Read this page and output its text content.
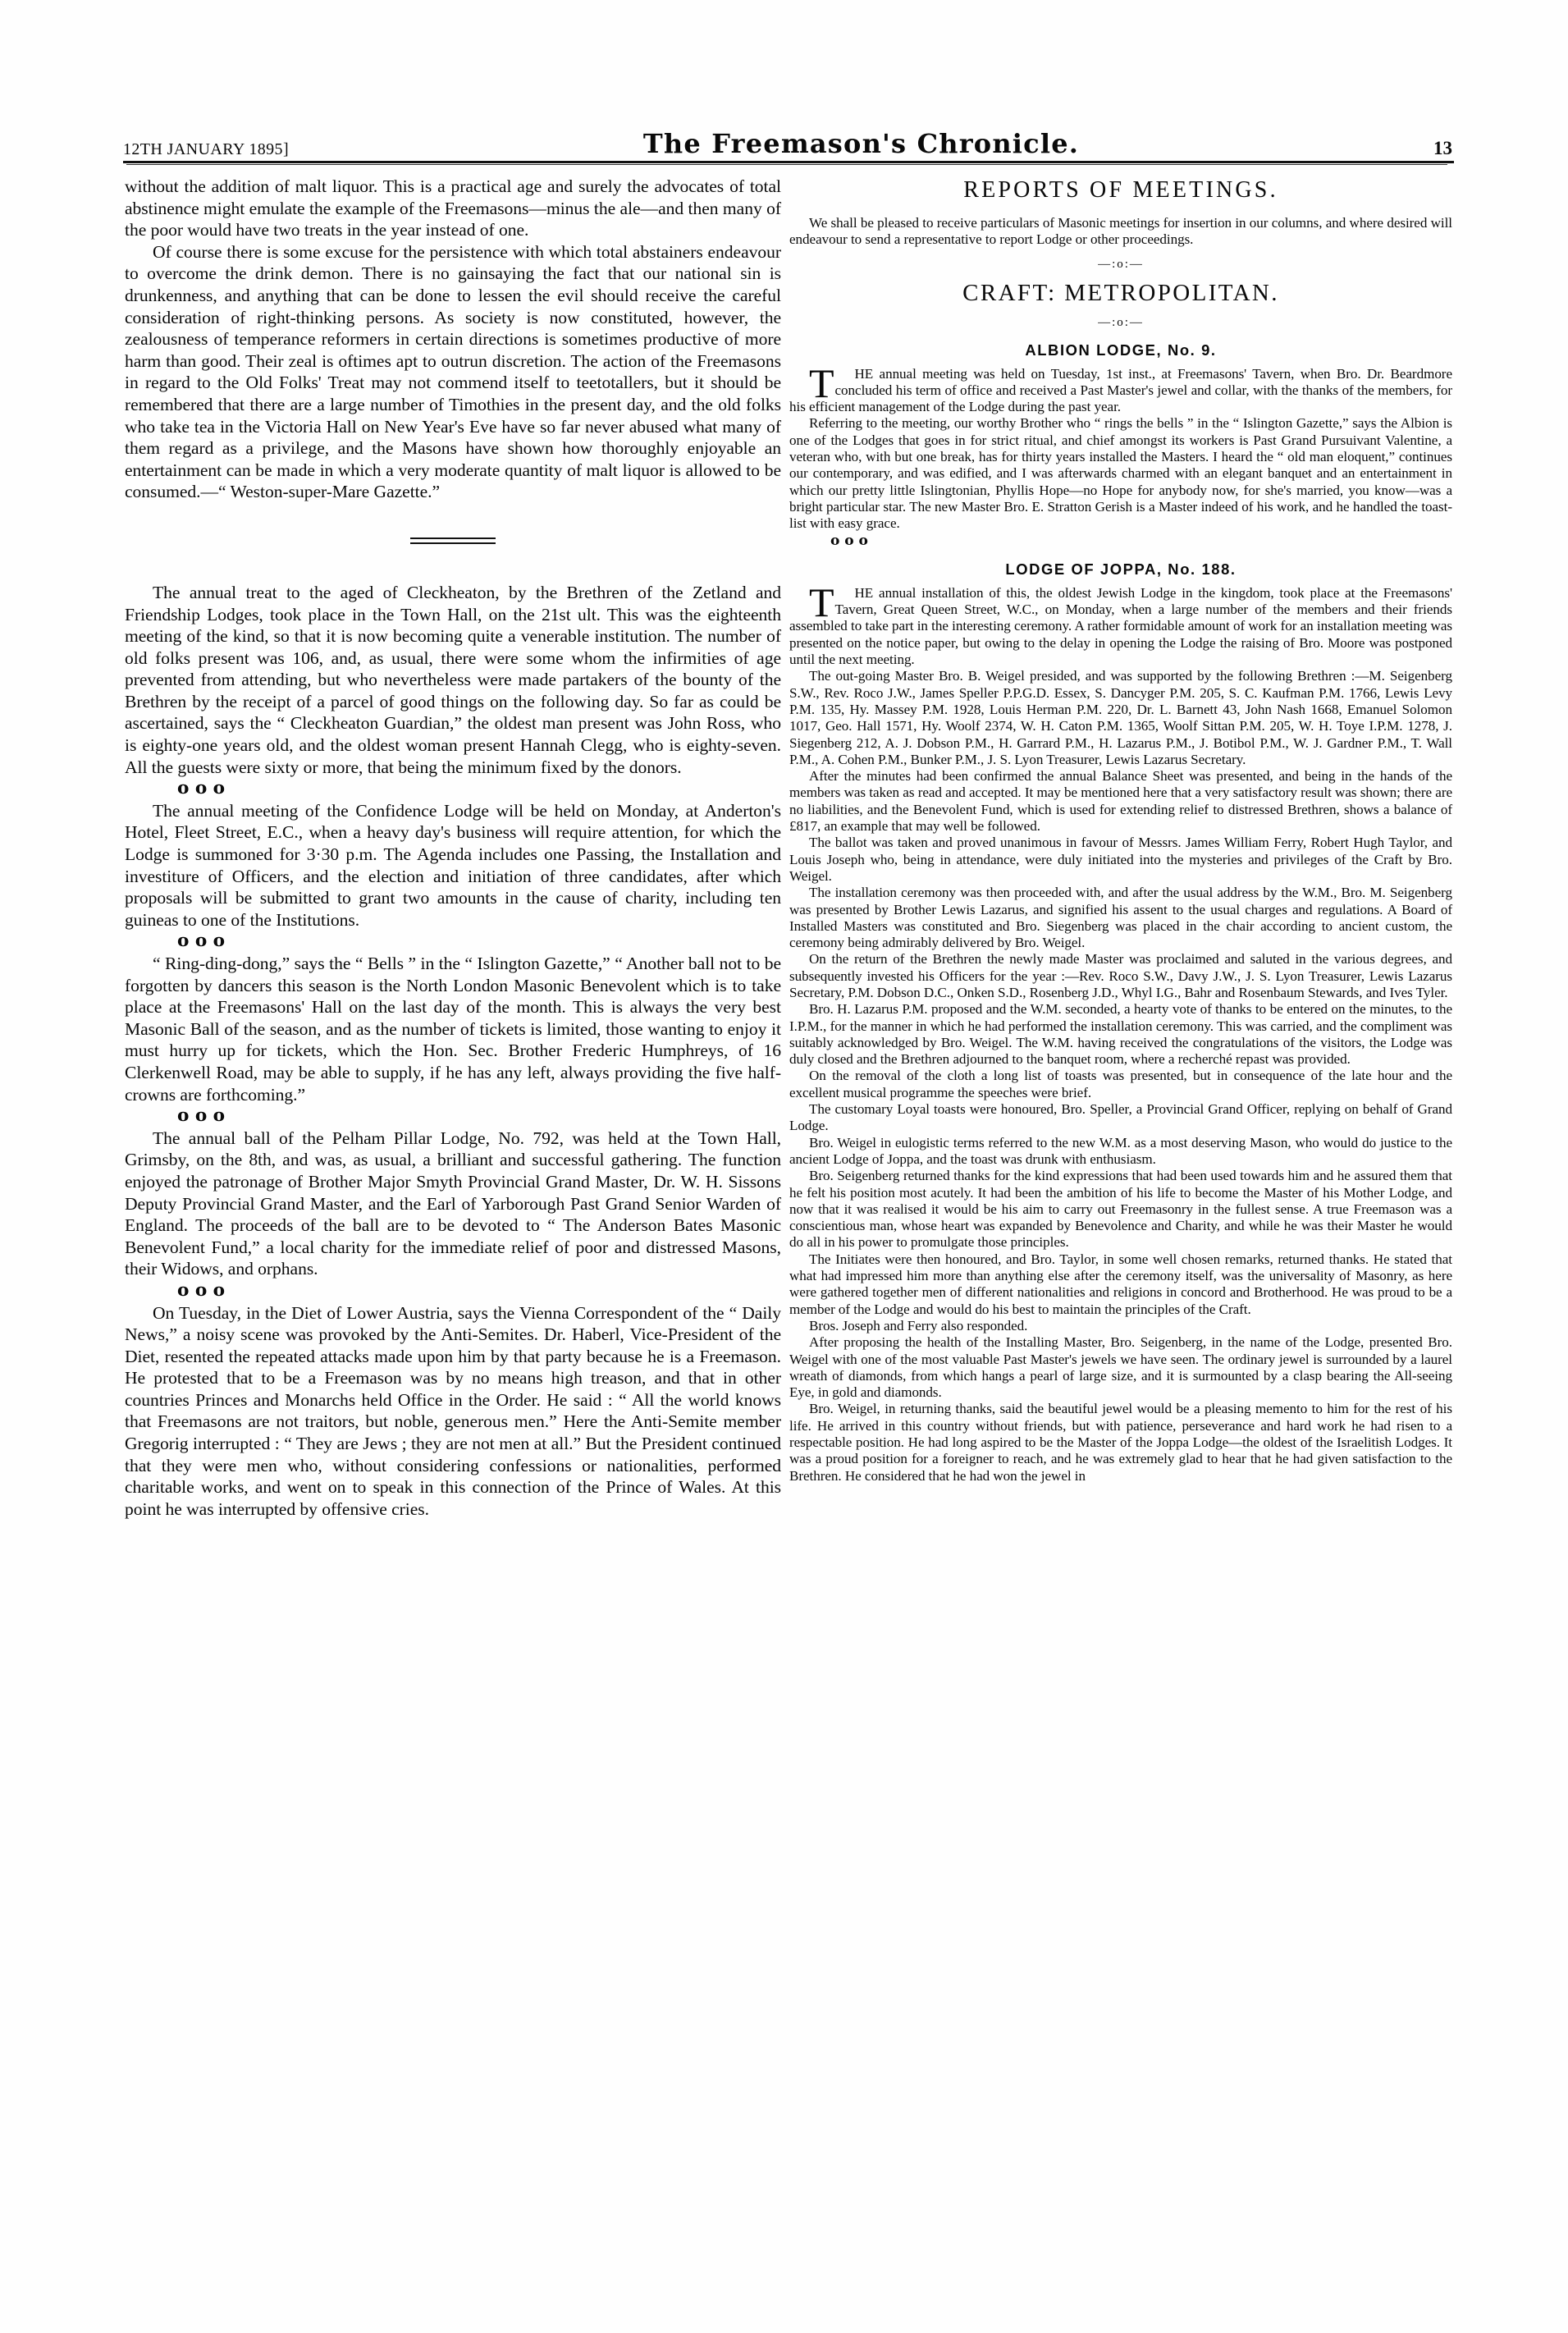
12TH JANUARY 1895]	The Freemason's Chronicle.	13

without the addition of malt liquor. This is a practical age and surely the advocates of total abstinence might emulate the example of the Freemasons—minus the ale—and then many of the poor would have two treats in the year instead of one.

Of course there is some excuse for the persistence with which total abstainers endeavour to overcome the drink demon. There is no gainsaying the fact that our national sin is drunkenness, and anything that can be done to lessen the evil should receive the careful consideration of right-thinking persons. As society is now constituted, however, the zealousness of temperance reformers in certain directions is sometimes productive of more harm than good. Their zeal is oftimes apt to outrun discretion. The action of the Freemasons in regard to the Old Folks' Treat may not commend itself to teetotallers, but it should be remembered that there are a large number of Timothies in the present day, and the old folks who take tea in the Victoria Hall on New Year's Eve have so far never abused what many of them regard as a privilege, and the Masons have shown how thoroughly enjoyable an entertainment can be made in which a very moderate quantity of malt liquor is allowed to be consumed.—“ Weston-super-Mare Gazette.”

The annual treat to the aged of Cleckheaton, by the Brethren of the Zetland and Friendship Lodges, took place in the Town Hall, on the 21st ult. This was the eighteenth meeting of the kind, so that it is now becoming quite a venerable institution. The number of old folks present was 106, and, as usual, there were some whom the infirmities of age prevented from attending, but who nevertheless were made partakers of the bounty of the Brethren by the receipt of a parcel of good things on the following day. So far as could be ascertained, says the “ Cleckheaton Guardian,” the oldest man present was John Ross, who is eighty-one years old, and the oldest woman present Hannah Clegg, who is eighty-seven. All the guests were sixty or more, that being the minimum fixed by the donors.

o o o

The annual meeting of the Confidence Lodge will be held on Monday, at Anderton's Hotel, Fleet Street, E.C., when a heavy day's business will require attention, for which the Lodge is summoned for 3·30 p.m. The Agenda includes one Passing, the Installation and investiture of Officers, and the election and initiation of three candidates, after which proposals will be submitted to grant two amounts in the cause of charity, including ten guineas to one of the Institutions.

o o o

“ Ring-ding-dong,” says the “ Bells ” in the “ Islington Gazette,” “ Another ball not to be forgotten by dancers this season is the North London Masonic Benevolent which is to take place at the Freemasons' Hall on the last day of the month. This is always the very best Masonic Ball of the season, and as the number of tickets is limited, those wanting to enjoy it must hurry up for tickets, which the Hon. Sec. Brother Frederic Humphreys, of 16 Clerkenwell Road, may be able to supply, if he has any left, always providing the five half-crowns are forthcoming.”

o o o

The annual ball of the Pelham Pillar Lodge, No. 792, was held at the Town Hall, Grimsby, on the 8th, and was, as usual, a brilliant and successful gathering. The function enjoyed the patronage of Brother Major Smyth Provincial Grand Master, Dr. W. H. Sissons Deputy Provincial Grand Master, and the Earl of Yarborough Past Grand Senior Warden of England. The proceeds of the ball are to be devoted to “ The Anderson Bates Masonic Benevolent Fund,” a local charity for the immediate relief of poor and distressed Masons, their Widows, and orphans.

o o o

On Tuesday, in the Diet of Lower Austria, says the Vienna Correspondent of the “ Daily News,” a noisy scene was provoked by the Anti-Semites. Dr. Haberl, Vice-President of the Diet, resented the repeated attacks made upon him by that party because he is a Freemason. He protested that to be a Freemason was by no means high treason, and that in other countries Princes and Monarchs held Office in the Order. He said : “ All the world knows that Freemasons are not traitors, but noble, generous men.” Here the Anti-Semite member Gregorig interrupted : “ They are Jews ; they are not men at all.” But the President continued that they were men who, without considering confessions or nationalities, performed charitable works, and went on to speak in this connection of the Prince of Wales. At this point he was interrupted by offensive cries.

REPORTS OF MEETINGS.

We shall be pleased to receive particulars of Masonic meetings for insertion in our columns, and where desired will endeavour to send a representative to report Lodge or other proceedings.

—:o:—
CRAFT: METROPOLITAN.
—:o:—
ALBION LODGE, No. 9.

T HE annual meeting was held on Tuesday, 1st inst., at Freemasons' Tavern, when Bro. Dr. Beardmore concluded his term of office and received a Past Master's jewel and collar, with the thanks of the members, for his efficient management of the Lodge during the past year.

Referring to the meeting, our worthy Brother who “ rings the bells ” in the “ Islington Gazette,” says the Albion is one of the Lodges that goes in for strict ritual, and chief amongst its workers is Past Grand Pursuivant Valentine, a veteran who, with but one break, has for thirty years installed the Masters. I heard the “ old man eloquent,” continues our contemporary, and was edified, and I was afterwards charmed with an elegant banquet and an entertainment in which our pretty little Islingtonian, Phyllis Hope—no Hope for anybody now, for she's married, you know—was a bright particular star. The new Master Bro. E. Stratton Gerish is a Master indeed of his work, and he handled the toast-list with easy grace.

o o o

LODGE OF JOPPA, No. 188.

T HE annual installation of this, the oldest Jewish Lodge in the kingdom, took place at the Freemasons' Tavern, Great Queen Street, W.C., on Monday, when a large number of the members and their friends assembled to take part in the interesting ceremony. A rather formidable amount of work for an installation meeting was presented on the notice paper, but owing to the delay in opening the Lodge the raising of Bro. Moore was postponed until the next meeting.

The out-going Master Bro. B. Weigel presided, and was supported by the following Brethren :—M. Seigenberg S.W., Rev. Roco J.W., James Speller P.P.G.D. Essex, S. Dancyger P.M. 205, S. C. Kaufman P.M. 1766, Lewis Levy P.M. 135, Hy. Massey P.M. 1928, Louis Herman P.M. 220, Dr. L. Barnett 43, John Nash 1668, Emanuel Solomon 1017, Geo. Hall 1571, Hy. Woolf 2374, W. H. Caton P.M. 1365, Woolf Sittan P.M. 205, W. H. Toye I.P.M. 1278, J. Siegenberg 212, A. J. Dobson P.M., H. Garrard P.M., H. Lazarus P.M., J. Botibol P.M., W. J. Gardner P.M., T. Wall P.M., A. Cohen P.M., Bunker P.M., J. S. Lyon Treasurer, Lewis Lazarus Secretary.

After the minutes had been confirmed the annual Balance Sheet was presented, and being in the hands of the members was taken as read and accepted. It may be mentioned here that a very satisfactory result was shown; there are no liabilities, and the Benevolent Fund, which is used for extending relief to distressed Brethren, shows a balance of £817, an example that may well be followed.

The ballot was taken and proved unanimous in favour of Messrs. James William Ferry, Robert Hugh Taylor, and Louis Joseph who, being in attendance, were duly initiated into the mysteries and privileges of the Craft by Bro. Weigel.

The installation ceremony was then proceeded with, and after the usual address by the W.M., Bro. M. Seigenberg was presented by Brother Lewis Lazarus, and signified his assent to the usual charges and regulations. A Board of Installed Masters was constituted and Bro. Siegenberg was placed in the chair according to ancient custom, the ceremony being admirably delivered by Bro. Weigel.

On the return of the Brethren the newly made Master was proclaimed and saluted in the various degrees, and subsequently invested his Officers for the year :—Rev. Roco S.W., Davy J.W., J. S. Lyon Treasurer, Lewis Lazarus Secretary, P.M. Dobson D.C., Onken S.D., Rosenberg J.D., Whyl I.G., Bahr and Rosenbaum Stewards, and Ives Tyler.

Bro. H. Lazarus P.M. proposed and the W.M. seconded, a hearty vote of thanks to be entered on the minutes, to the I.P.M., for the manner in which he had performed the installation ceremony. This was carried, and the compliment was suitably acknowledged by Bro. Weigel. The W.M. having received the congratulations of the visitors, the Lodge was duly closed and the Brethren adjourned to the banquet room, where a recherché repast was provided.

On the removal of the cloth a long list of toasts was presented, but in consequence of the late hour and the excellent musical programme the speeches were brief.

The customary Loyal toasts were honoured, Bro. Speller, a Provincial Grand Officer, replying on behalf of Grand Lodge.

Bro. Weigel in eulogistic terms referred to the new W.M. as a most deserving Mason, who would do justice to the ancient Lodge of Joppa, and the toast was drunk with enthusiasm.

Bro. Seigenberg returned thanks for the kind expressions that had been used towards him and he assured them that he felt his position most acutely. It had been the ambition of his life to become the Master of his Mother Lodge, and now that it was realised it would be his aim to carry out Freemasonry in the fullest sense. A true Freemason was a conscientious man, whose heart was expanded by Benevolence and Charity, and while he was their Master he would do all in his power to promulgate those principles.

The Initiates were then honoured, and Bro. Taylor, in some well chosen remarks, returned thanks. He stated that what had impressed him more than anything else after the ceremony itself, was the universality of Masonry, as here were gathered together men of different nationalities and religions in concord and Brotherhood. He was proud to be a member of the Lodge and would do his best to maintain the principles of the Craft.

Bros. Joseph and Ferry also responded.

After proposing the health of the Installing Master, Bro. Seigenberg, in the name of the Lodge, presented Bro. Weigel with one of the most valuable Past Master's jewels we have seen. The ordinary jewel is surrounded by a laurel wreath of diamonds, from which hangs a pearl of large size, and it is surmounted by a clasp bearing the All-seeing Eye, in gold and diamonds.

Bro. Weigel, in returning thanks, said the beautiful jewel would be a pleasing memento to him for the rest of his life. He arrived in this country without friends, but with patience, perseverance and hard work he had risen to a respectable position. He had long aspired to be the Master of the Joppa Lodge—the oldest of the Israelitish Lodges. It was a proud position for a foreigner to reach, and he was extremely glad to hear that he had given satisfaction to the Brethren. He considered that he had won the jewel in
